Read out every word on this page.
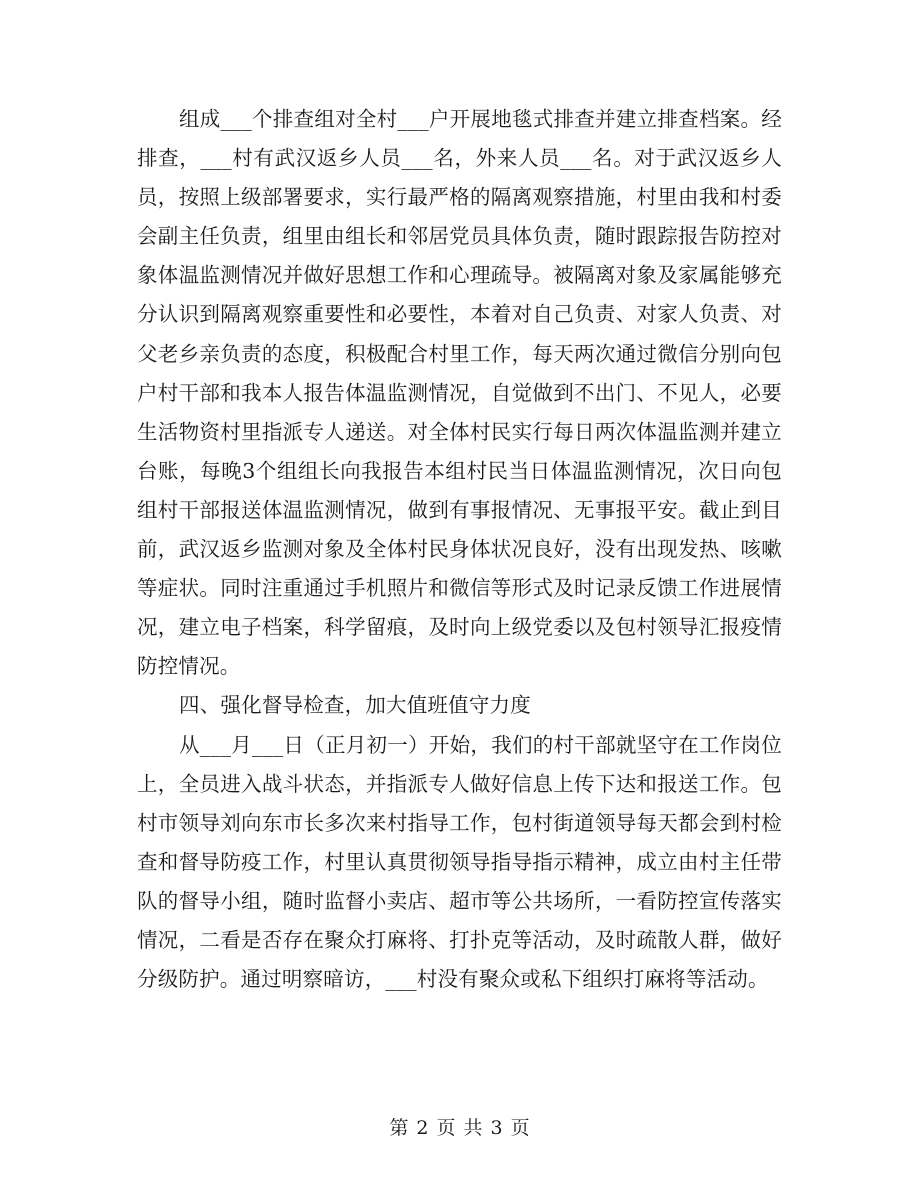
组成___个排查组对全村___户开展地毯式排查并建立排查档案。经排查，___村有武汉返乡人员___名，外来人员___名。对于武汉返乡人员，按照上级部署要求，实行最严格的隔离观察措施，村里由我和村委会副主任负责，组里由组长和邻居党员具体负责，随时跟踪报告防控对象体温监测情况并做好思想工作和心理疏导。被隔离对象及家属能够充分认识到隔离观察重要性和必要性，本着对自己负责、对家人负责、对父老乡亲负责的态度，积极配合村里工作，每天两次通过微信分别向包户村干部和我本人报告体温监测情况，自觉做到不出门、不见人，必要生活物资村里指派专人递送。对全体村民实行每日两次体温监测并建立台账，每晚3个组组长向我报告本组村民当日体温监测情况，次日向包组村干部报送体温监测情况，做到有事报情况、无事报平安。截止到目前，武汉返乡监测对象及全体村民身体状况良好，没有出现发热、咳嗽等症状。同时注重通过手机照片和微信等形式及时记录反馈工作进展情况，建立电子档案，科学留痕，及时向上级党委以及包村领导汇报疫情防控情况。

四、强化督导检查，加大值班值守力度

从___月___日（正月初一）开始，我们的村干部就坚守在工作岗位上，全员进入战斗状态，并指派专人做好信息上传下达和报送工作。包村市领导刘向东市长多次来村指导工作，包村街道领导每天都会到村检查和督导防疫工作，村里认真贯彻领导指导指示精神，成立由村主任带队的督导小组，随时监督小卖店、超市等公共场所，一看防控宣传落实情况，二看是否存在聚众打麻将、打扑克等活动，及时疏散人群，做好分级防护。通过明察暗访，___村没有聚众或私下组织打麻将等活动。

第 2 页 共 3 页
